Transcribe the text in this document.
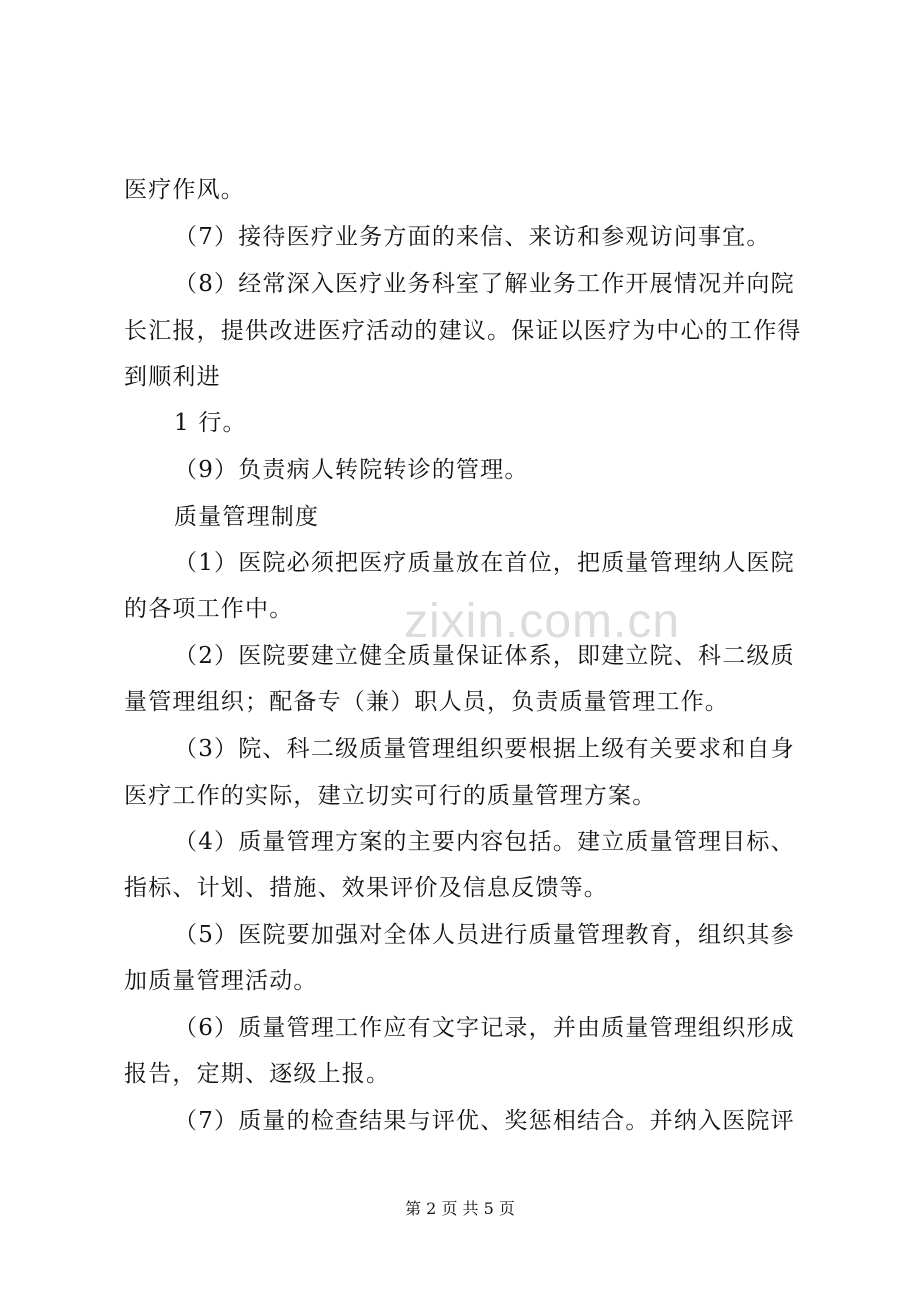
zixin.com.cn
医疗作风。
（7）接待医疗业务方面的来信、来访和参观访问事宜。
（8）经常深入医疗业务科室了解业务工作开展情况并向院
长汇报，提供改进医疗活动的建议。保证以医疗为中心的工作得
到顺利进
1 行。
（9）负责病人转院转诊的管理。
质量管理制度
（1）医院必须把医疗质量放在首位，把质量管理纳人医院
的各项工作中。
（2）医院要建立健全质量保证体系，即建立院、科二级质
量管理组织；配备专（兼）职人员，负责质量管理工作。
（3）院、科二级质量管理组织要根据上级有关要求和自身
医疗工作的实际，建立切实可行的质量管理方案。
（4）质量管理方案的主要内容包括。建立质量管理目标、
指标、计划、措施、效果评价及信息反馈等。
（5）医院要加强对全体人员进行质量管理教育，组织其参
加质量管理活动。
（6）质量管理工作应有文字记录，并由质量管理组织形成
报告，定期、逐级上报。
（7）质量的检查结果与评优、奖惩相结合。并纳入医院评
第 2 页 共 5 页
